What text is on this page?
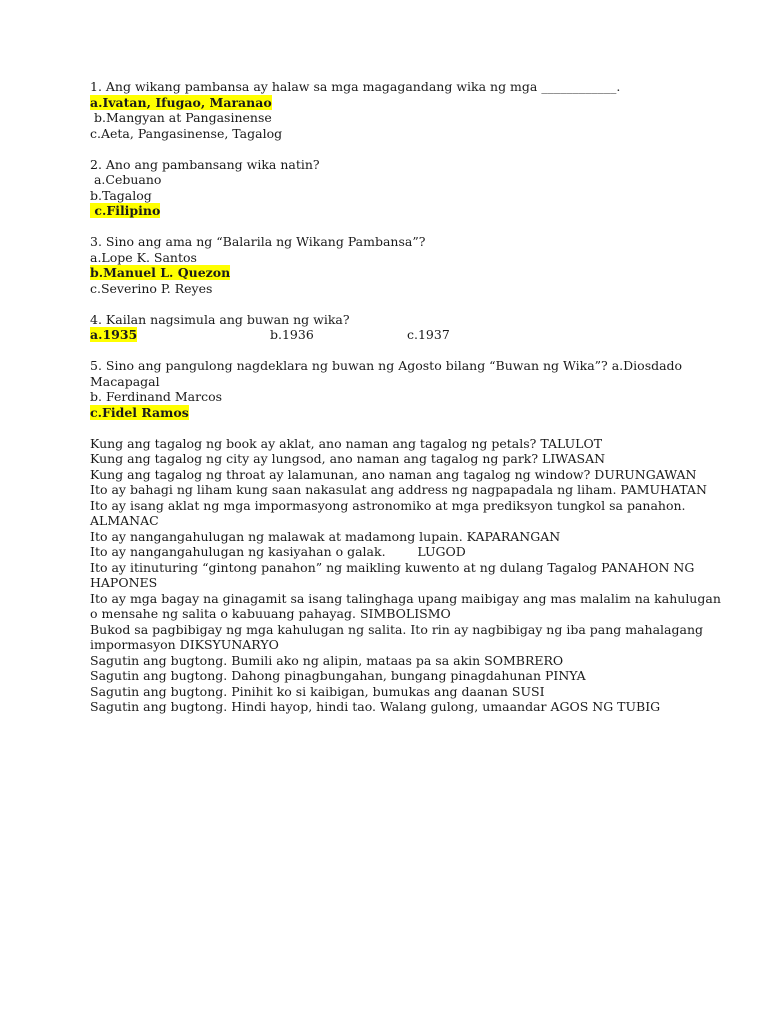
1. Ang wikang pambansa ay halaw sa mga magagandang wika ng mga ____________.
a.Ivatan, Ifugao, Maranao
b.Mangyan at Pangasinense
c.Aeta, Pangasinense, Tagalog
2. Ano ang pambansang wika natin?
a.Cebuano
b.Tagalog
c.Filipino
3. Sino ang ama ng “Balarila ng Wikang Pambansa”?
a.Lope K. Santos
b.Manuel L. Quezon
c.Severino P. Reyes
4. Kailan nagsimula ang buwan ng wika?
a.1935	b.1936	c.1937
5. Sino ang pangulong nagdeklara ng buwan ng Agosto bilang “Buwan ng Wika”? a.Diosdado Macapagal
b. Ferdinand Marcos
c.Fidel Ramos
Kung ang tagalog ng book ay aklat, ano naman ang tagalog ng petals? TALULOT
Kung ang tagalog ng city ay lungsod, ano naman ang tagalog ng park? LIWASAN
Kung ang tagalog ng throat ay lalamunan, ano naman ang tagalog ng window? DURUNGAWAN
Ito ay bahagi ng liham kung saan nakasulat ang address ng nagpapadala ng liham. PAMUHATAN
Ito ay isang aklat ng mga impormasyong astronomiko at mga prediksyon tungkol sa panahon. ALMANAC
Ito ay nangangahulugan ng malawak at madamong lupain. KAPARANGAN
Ito ay nangangahulugan ng kasiyahan o galak.        LUGOD
Ito ay itinuturing “gintong panahon” ng maikling kuwento at ng dulang Tagalog PANAHON NG HAPONES
Ito ay mga bagay na ginagamit sa isang talinghaga upang maibigay ang mas malalim na kahulugan o mensahe ng salita o kabuuang pahayag. SIMBOLISMO
Bukod sa pagbibigay ng mga kahulugan ng salita. Ito rin ay nagbibigay ng iba pang mahalagang impormasyon DIKSYUNARYO
Sagutin ang bugtong. Bumili ako ng alipin, mataas pa sa akin SOMBRERO
Sagutin ang bugtong. Dahong pinagbungahan, bungang pinagdahunan PINYA
Sagutin ang bugtong. Pinihit ko si kaibigan, bumukas ang daanan SUSI
Sagutin ang bugtong. Hindi hayop, hindi tao. Walang gulong, umaandar AGOS NG TUBIG
